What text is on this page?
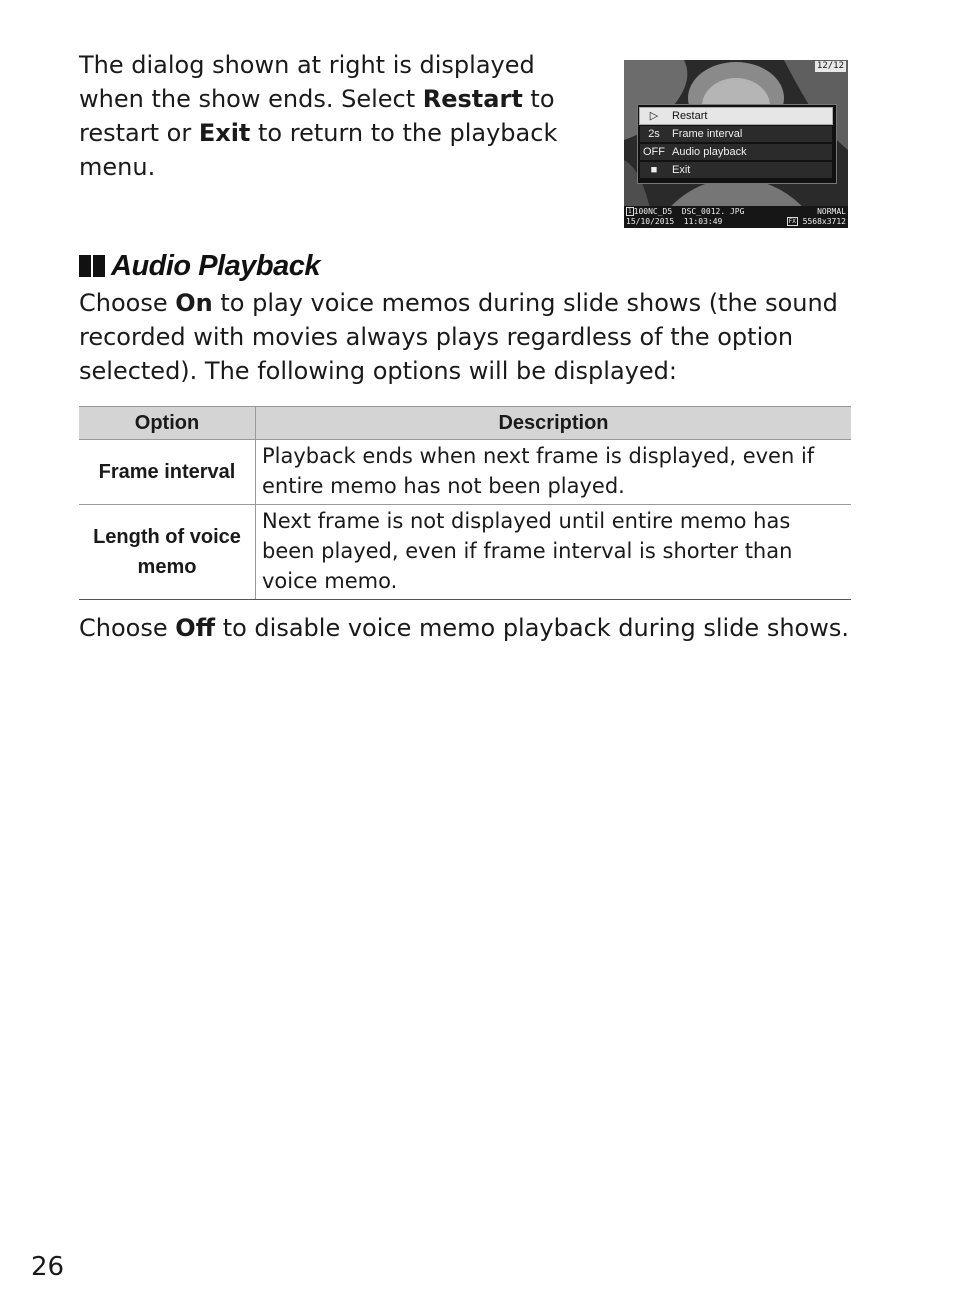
The dialog shown at right is displayed when the show ends. Select Restart to restart or Exit to return to the playback menu.
12/12
▷	Restart
2s	Frame interval
OFF Audio playback
■	Exit
1 100NC_D5  DSC_0012. JPG	NORMAL
15/10/2015  11:03:49	FX 5568x3712
Audio Playback
Choose On to play voice memos during slide shows (the sound recorded with movies always plays regardless of the option selected). The following options will be displayed:
Option	Description
Frame interval	Playback ends when next frame is displayed, even if entire memo has not been played.
Length of voice memo	Next frame is not displayed until entire memo has been played, even if frame interval is shorter than voice memo.
Choose Off to disable voice memo playback during slide shows.
26
